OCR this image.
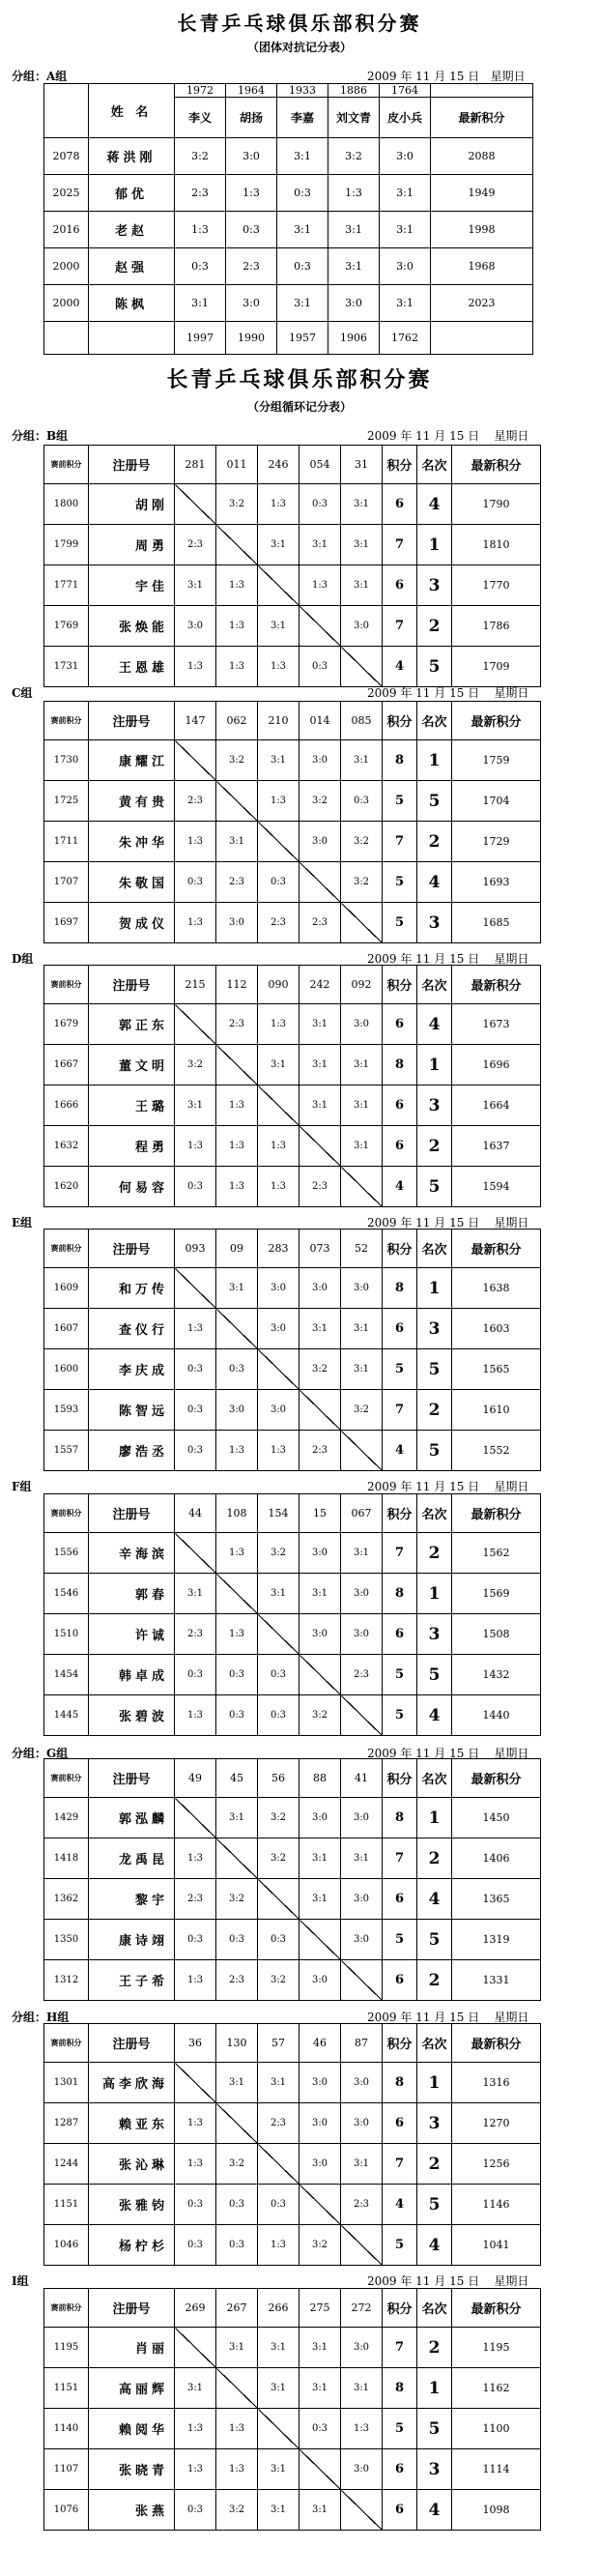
长青乒乓球俱乐部积分赛
（团体对抗记分表）
分组：A组	2009 年 11 月 15 日 星期日
	姓 名	1972	1964	1933	1886	1764	
		李义	胡扬	李嘉	刘文青	皮小兵	最新积分
2078	蒋洪刚	3:2	3:0	3:1	3:2	3:0	2088
2025	郁优	2:3	1:3	0:3	1:3	3:1	1949
2016	老赵	1:3	0:3	3:1	3:1	3:1	1998
2000	赵强	0:3	2:3	0:3	3:1	3:0	1968
2000	陈枫	3:1	3:0	3:1	3:0	3:1	2023
		1997	1990	1957	1906	1762	
长青乒乓球俱乐部积分赛
（分组循环记分表）
分组：B组	2009 年 11 月 15 日 星期日
赛前积分	注册号	281	011	246	054	31	积分	名次	最新积分
1800	胡刚		3:2	1:3	0:3	3:1	6	4	1790
1799	周勇	2:3		3:1	3:1	3:1	7	1	1810
1771	宇佳	3:1	1:3		1:3	3:1	6	3	1770
1769	张焕能	3:0	1:3	3:1		3:0	7	2	1786
1731	王恩雄	1:3	1:3	1:3	0:3		4	5	1709
C组	2009 年 11 月 15 日 星期日
赛前积分	注册号	147	062	210	014	085	积分	名次	最新积分
1730	康耀江		3:2	3:1	3:0	3:1	8	1	1759
1725	黄有贵	2:3		1:3	3:2	0:3	5	5	1704
1711	朱冲华	1:3	3:1		3:0	3:2	7	2	1729
1707	朱敬国	0:3	2:3	0:3		3:2	5	4	1693
1697	贺成仪	1:3	3:0	2:3	2:3		5	3	1685
D组	2009 年 11 月 15 日 星期日
赛前积分	注册号	215	112	090	242	092	积分	名次	最新积分
1679	郭正东		2:3	1:3	3:1	3:0	6	4	1673
1667	董文明	3:2		3:1	3:1	3:1	8	1	1696
1666	王璐	3:1	1:3		3:1	3:1	6	3	1664
1632	程勇	1:3	1:3	1:3		3:1	6	2	1637
1620	何易容	0:3	1:3	1:3	2:3		4	5	1594
E组	2009 年 11 月 15 日 星期日
赛前积分	注册号	093	09	283	073	52	积分	名次	最新积分
1609	和万传		3:1	3:0	3:0	3:0	8	1	1638
1607	查仪行	1:3		3:0	3:1	3:1	6	3	1603
1600	李庆成	0:3	0:3		3:2	3:1	5	5	1565
1593	陈智远	0:3	3:0	3:0		3:2	7	2	1610
1557	廖浩丞	0:3	1:3	1:3	2:3		4	5	1552
F组	2009 年 11 月 15 日 星期日
赛前积分	注册号	44	108	154	15	067	积分	名次	最新积分
1556	辛海滨		1:3	3:2	3:0	3:1	7	2	1562
1546	郭春	3:1		3:1	3:1	3:0	8	1	1569
1510	许诚	2:3	1:3		3:0	3:0	6	3	1508
1454	韩卓成	0:3	0:3	0:3		2:3	5	5	1432
1445	张碧波	1:3	0:3	0:3	3:2		5	4	1440
分组：G组	2009 年 11 月 15 日 星期日
赛前积分	注册号	49	45	56	88	41	积分	名次	最新积分
1429	郭泓麟		3:1	3:2	3:0	3:0	8	1	1450
1418	龙禹昆	1:3		3:2	3:1	3:1	7	2	1406
1362	黎宇	2:3	3:2		3:1	3:0	6	4	1365
1350	康诗翊	0:3	0:3	0:3		3:0	5	5	1319
1312	王子希	1:3	2:3	3:2	3:0		6	2	1331
分组：H组	2009 年 11 月 15 日 星期日
赛前积分	注册号	36	130	57	46	87	积分	名次	最新积分
1301	高李欣海		3:1	3:1	3:0	3:0	8	1	1316
1287	赖亚东	1:3		2:3	3:0	3:0	6	3	1270
1244	张沁琳	1:3	3:2		3:0	3:1	7	2	1256
1151	张雅钧	0:3	0:3	0:3		2:3	4	5	1146
1046	杨柠杉	0:3	0:3	1:3	3:2		5	4	1041
I组	2009 年 11 月 15 日 星期日
赛前积分	注册号	269	267	266	275	272	积分	名次	最新积分
1195	肖丽		3:1	3:1	3:1	3:0	7	2	1195
1151	高丽辉	3:1		3:1	3:1	3:1	8	1	1162
1140	赖阅华	1:3	1:3		0:3	1:3	5	5	1100
1107	张晓青	1:3	1:3	3:1		3:0	6	3	1114
1076	张燕	0:3	3:2	3:1	3:1		6	4	1098
